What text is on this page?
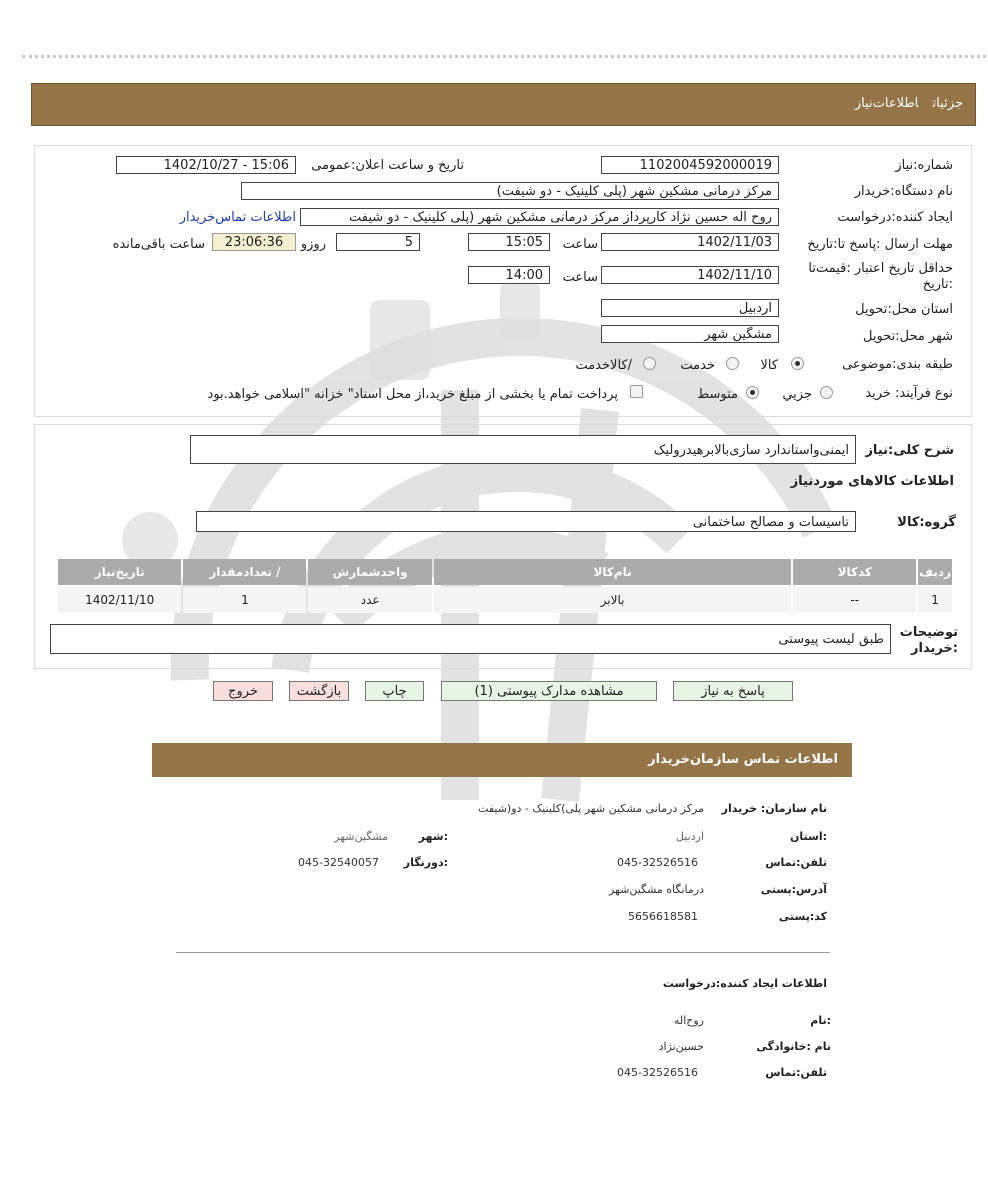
جزئیاتاطلاعات‌نیاز
شماره:نیاز
1102004592000019
تاریخ و ساعت اعلان:عمومی
1402/10/27 - 15:06
نام دستگاه:خریدار
مرکز درمانی مشکین شهر (پلی کلینیک - دو شیفت)
ایجاد کننده:درخواست
روح اله حسین نژاد کارپرداز مرکز درمانی مشکین شهر (پلی کلینیک - دو شیفت
اطلاعات تماس‌خریدار
مهلت ارسال :پاسخ تا:تاریخ
1402/11/03
ساعت
15:05
5
روزو
23:06:36
ساعت باقی‌مانده
حداقل تاریخ اعتبار :قیمت‌تا :تاریخ
1402/11/10
ساعت
14:00
استان محل:تحویل
اردبیل
شهر محل:تحویل
مشگین شهر
طبقه بندی:موضوعی
کالا
خدمت
/کالاخدمت
نوع فرآیند: خرید
جزیي
متوسط
پرداخت تمام یا بخشی از مبلغ خرید،از محل اسناد" خزانه "اسلامی خواهد.بود
شرح کلی:نیاز
ایمنی‌واستاندارد سازی‌بالابرهیدرولیک
اطلاعات کالاهای مورد‌نیاز
گروه:کالا
تاسیسات و مصالح ساختمانی
ردیف	کدکالا	نام‌کالا	واحدشمارش	/ تعدادمقدار	تاریخ‌نیاز
1	--	بالابر	عدد	1	1402/11/10
توضیحات :خریدار
طبق لیست پیوستی
پاسخ به نیاز
مشاهده مدارک پیوستی (1)
چاپ
بازگشت
خروج
اطلاعات تماس سازمان‌خریدار
نام سازمان: خریدار
مرکز درمانی مشکین شهر پلی)کلینیک - دو(شیفت
:استان
اردبیل
:شهر
مشگین‌شهر
تلفن:تماس
045-32526516
:دورنگار
045-32540057
آدرس:پستی
درمانگاه مشگین‌شهر
کد:پستی
5656618581
اطلاعات ایجاد کننده:درخواست
:نام
روح‌اله
نام :خانوادگی
حسین‌نژاد
تلفن:تماس
045-32526516
